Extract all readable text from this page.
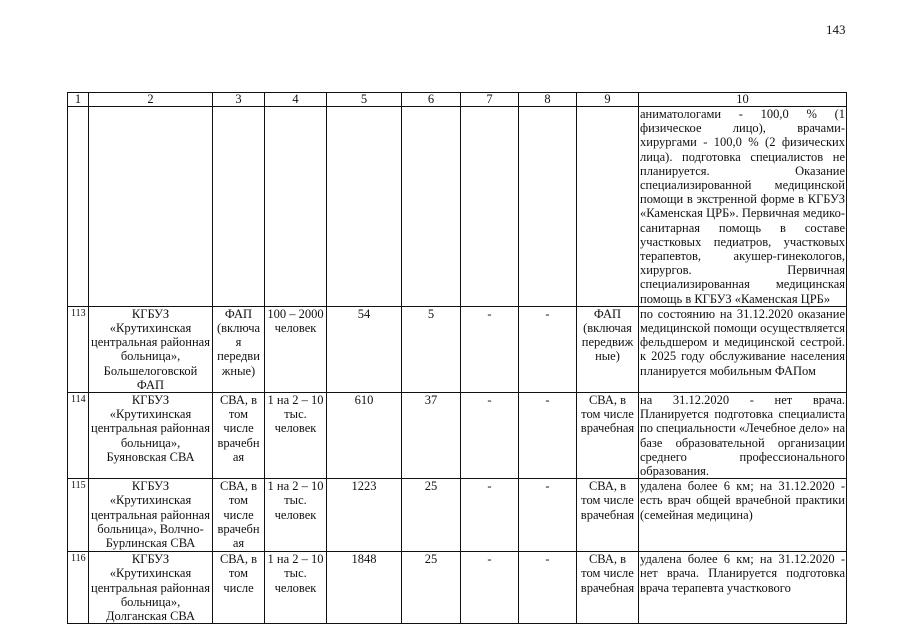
143
1	2	3	4	5	6	7	8	9	10
									аниматологами - 100,0 % (1 физическое лицо), врачами-хирургами - 100,0 % (2 физических лица). подготовка специалистов не планируется. Оказание специализированной медицинской помощи в экстренной форме в КГБУЗ «Каменская ЦРБ». Первичная медико-санитарная помощь в составе участковых педиатров, участковых терапевтов, акушер-гинекологов, хирургов. Первичная специализированная медицинская помощь в КГБУЗ «Каменская ЦРБ»
113	КГБУЗ «Крутихинская центральная районная больница», Большелоговской ФАП	ФАП (включая передвижные)	100 – 2000 человек	54	5	-	-	ФАП (включая передвижные)	по состоянию на 31.12.2020 оказание медицинской помощи осуществляется фельдшером и медицинской сестрой. к 2025 году обслуживание населения планируется мобильным ФАПом
114	КГБУЗ «Крутихинская центральная районная больница», Буяновская СВА	СВА, в том числе врачебная	1 на 2 – 10 тыс. человек	610	37	-	-	СВА, в том числе врачебная	на 31.12.2020 - нет врача. Планируется подготовка специалиста по специальности «Лечебное дело» на базе образовательной организации среднего профессионального образования.
115	КГБУЗ «Крутихинская центральная районная больница», Волчно-Бурлинская СВА	СВА, в том числе врачебная	1 на 2 – 10 тыс. человек	1223	25	-	-	СВА, в том числе врачебная	удалена более 6 км; на 31.12.2020 - есть врач общей врачебной практики (семейная медицина)
116	КГБУЗ «Крутихинская центральная районная больница», Долганская СВА	СВА, в том числе	1 на 2 – 10 тыс. человек	1848	25	-	-	СВА, в том числе врачебная	удалена более 6 км; на 31.12.2020 - нет врача. Планируется подготовка врача терапевта участкового
